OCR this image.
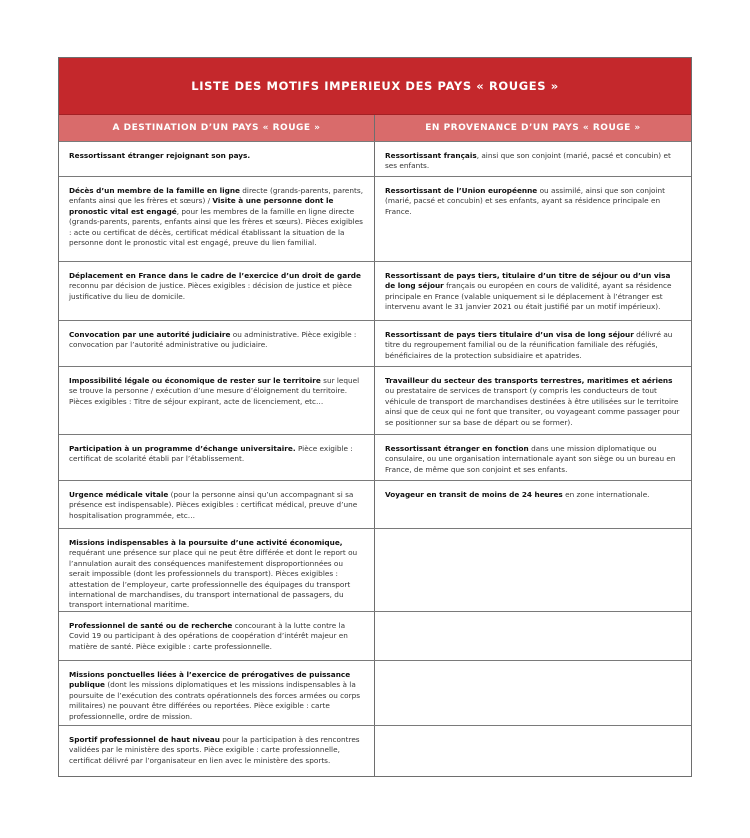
LISTE DES MOTIFS IMPERIEUX DES PAYS « ROUGES »
A DESTINATION D’UN PAYS « ROUGE »	EN PROVENANCE D’UN PAYS « ROUGE »
Ressortissant étranger rejoignant son pays.	Ressortissant français, ainsi que son conjoint (marié, pacsé et concubin) et ses enfants.
Décès d’un membre de la famille en ligne directe (grands-parents, parents, enfants ainsi que les frères et sœurs) / Visite à une personne dont le pronostic vital est engagé, pour les membres de la famille en ligne directe (grands-parents, parents, enfants ainsi que les frères et sœurs). Pièces exigibles : acte ou certificat de décès, certificat médical établissant la situation de la personne dont le pronostic vital est engagé, preuve du lien familial.
Ressortissant de l’Union européenne ou assimilé, ainsi que son conjoint (marié, pacsé et concubin) et ses enfants, ayant sa résidence principale en France.
Déplacement en France dans le cadre de l’exercice d’un droit de garde reconnu par décision de justice. Pièces exigibles : décision de justice et pièce justificative du lieu de domicile.
Ressortissant de pays tiers, titulaire d’un titre de séjour ou d’un visa de long séjour français ou européen en cours de validité, ayant sa résidence principale en France (valable uniquement si le déplacement à l’étranger est intervenu avant le 31 janvier 2021 ou était justifié par un motif impérieux).
Convocation par une autorité judiciaire ou administrative. Pièce exigible : convocation par l’autorité administrative ou judiciaire.
Ressortissant de pays tiers titulaire d’un visa de long séjour délivré au titre du regroupement familial ou de la réunification familiale des réfugiés, bénéficiaires de la protection subsidiaire et apatrides.
Impossibilité légale ou économique de rester sur le territoire sur lequel se trouve la personne / exécution d’une mesure d’éloignement du territoire. Pièces exigibles : Titre de séjour expirant, acte de licenciement, etc…
Travailleur du secteur des transports terrestres, maritimes et aériens ou prestataire de services de transport (y compris les conducteurs de tout véhicule de transport de marchandises destinées à être utilisées sur le territoire ainsi que de ceux qui ne font que transiter, ou voyageant comme passager pour se positionner sur sa base de départ ou se former).
Participation à un programme d’échange universitaire. Pièce exigible : certificat de scolarité établi par l’établissement.
Ressortissant étranger en fonction dans une mission diplomatique ou consulaire, ou une organisation internationale ayant son siège ou un bureau en France, de même que son conjoint et ses enfants.
Urgence médicale vitale (pour la personne ainsi qu’un accompagnant si sa présence est indispensable). Pièces exigibles : certificat médical, preuve d’une hospitalisation programmée, etc…
Voyageur en transit de moins de 24 heures en zone internationale.
Missions indispensables à la poursuite d’une activité économique, requérant une présence sur place qui ne peut être différée et dont le report ou l’annulation aurait des conséquences manifestement disproportionnées ou serait impossible (dont les professionnels du transport). Pièces exigibles : attestation de l’employeur, carte professionnelle des équipages du transport international de marchandises, du transport international de passagers, du transport international maritime.
Professionnel de santé ou de recherche concourant à la lutte contre la Covid 19 ou participant à des opérations de coopération d’intérêt majeur en matière de santé. Pièce exigible : carte professionnelle.
Missions ponctuelles liées à l’exercice de prérogatives de puissance publique (dont les missions diplomatiques et les missions indispensables à la poursuite de l’exécution des contrats opérationnels des forces armées ou corps militaires) ne pouvant être différées ou reportées. Pièce exigible : carte professionnelle, ordre de mission.
Sportif professionnel de haut niveau pour la participation à des rencontres validées par le ministère des sports. Pièce exigible : carte professionnelle, certificat délivré par l’organisateur en lien avec le ministère des sports.
